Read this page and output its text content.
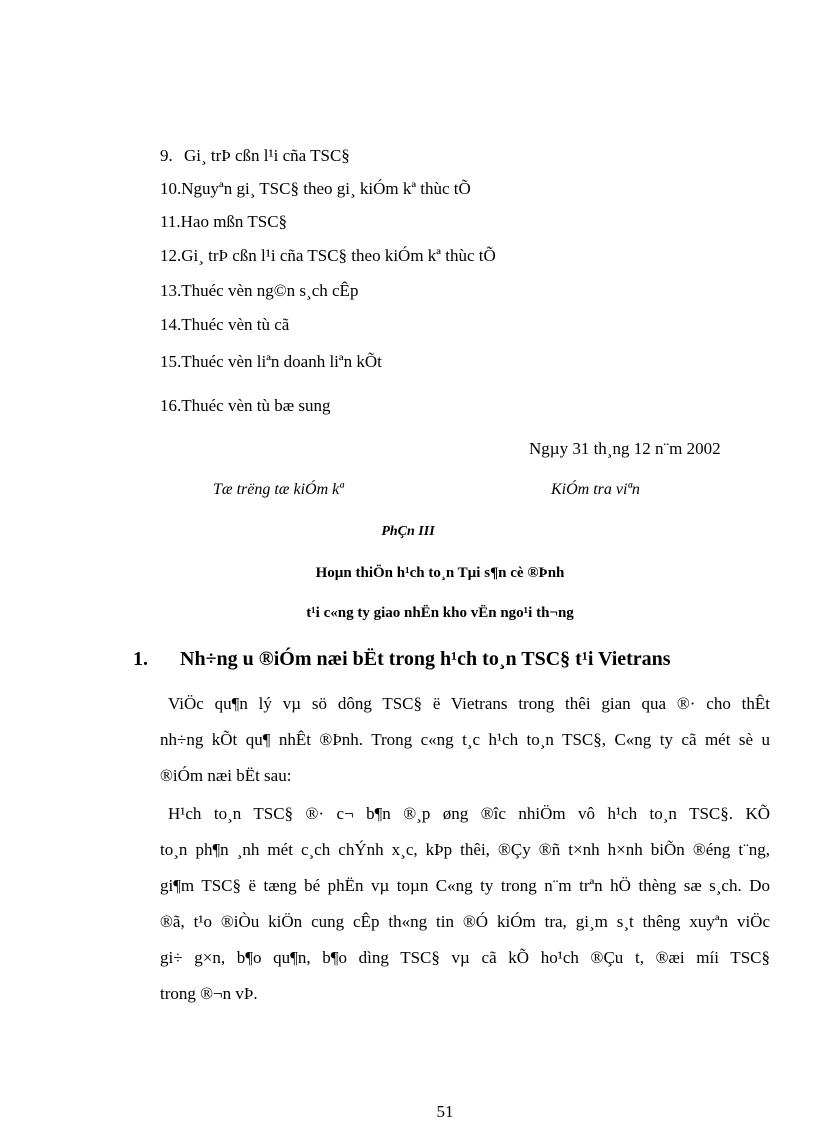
9. Gi¸ trÞ cßn l¹i cña TSC§
10.Nguyªn gi¸ TSC§ theo gi¸ kiÓm kª thùc tÕ
11.Hao mßn TSC§
12.Gi¸ trÞ cßn l¹i cña TSC§ theo kiÓm kª thùc tÕ
13.Thuéc vèn ng©n s¸ch cÊp
14.Thuéc vèn tù cã
15.Thuéc vèn liªn doanh liªn kÕt
16.Thuéc vèn tù bæ sung
Ngµy 31 th¸ng 12 n¨m 2002
Tæ trëng tæ kiÓm kª	KiÓm tra viªn
PhÇn III
Hoµn thiÖn h¹ch to¸n Tµi s¶n cè ®Þnh
t¹i c«ng ty giao nhËn kho vËn ngo¹i th¬ng
1. Nh÷ng u ®iÓm næi bËt trong h¹ch to¸n TSC§ t¹i Vietrans
ViÖc qu¶n lý vµ sö dông TSC§ ë Vietrans trong thêi gian qua ®· cho thÊt
nh÷ng kÕt qu¶ nhÊt ®Þnh. Trong c«ng t¸c h¹ch to¸n TSC§, C«ng ty cã mét sè u
®iÓm næi bËt sau:
H¹ch to¸n TSC§ ®· c¬ b¶n ®¸p øng ®îc nhiÖm vô h¹ch to¸n TSC§. KÕ
to¸n ph¶n ¸nh mét c¸ch chÝnh x¸c, kÞp thêi, ®Çy ®ñ t×nh h×nh biÕn ®éng t¨ng,
gi¶m TSC§ ë tæng bé phËn vµ toµn C«ng ty trong n¨m trªn hÖ thèng sæ s¸ch. Do
®ã, t¹o ®iÒu kiÖn cung cÊp th«ng tin ®Ó kiÓm tra, gi¸m s¸t thêng xuyªn viÖc
gi÷ g×n, b¶o qu¶n, b¶o dìng TSC§ vµ cã kÕ ho¹ch ®Çu t, ®æi míi TSC§
trong ®¬n vÞ.
51
